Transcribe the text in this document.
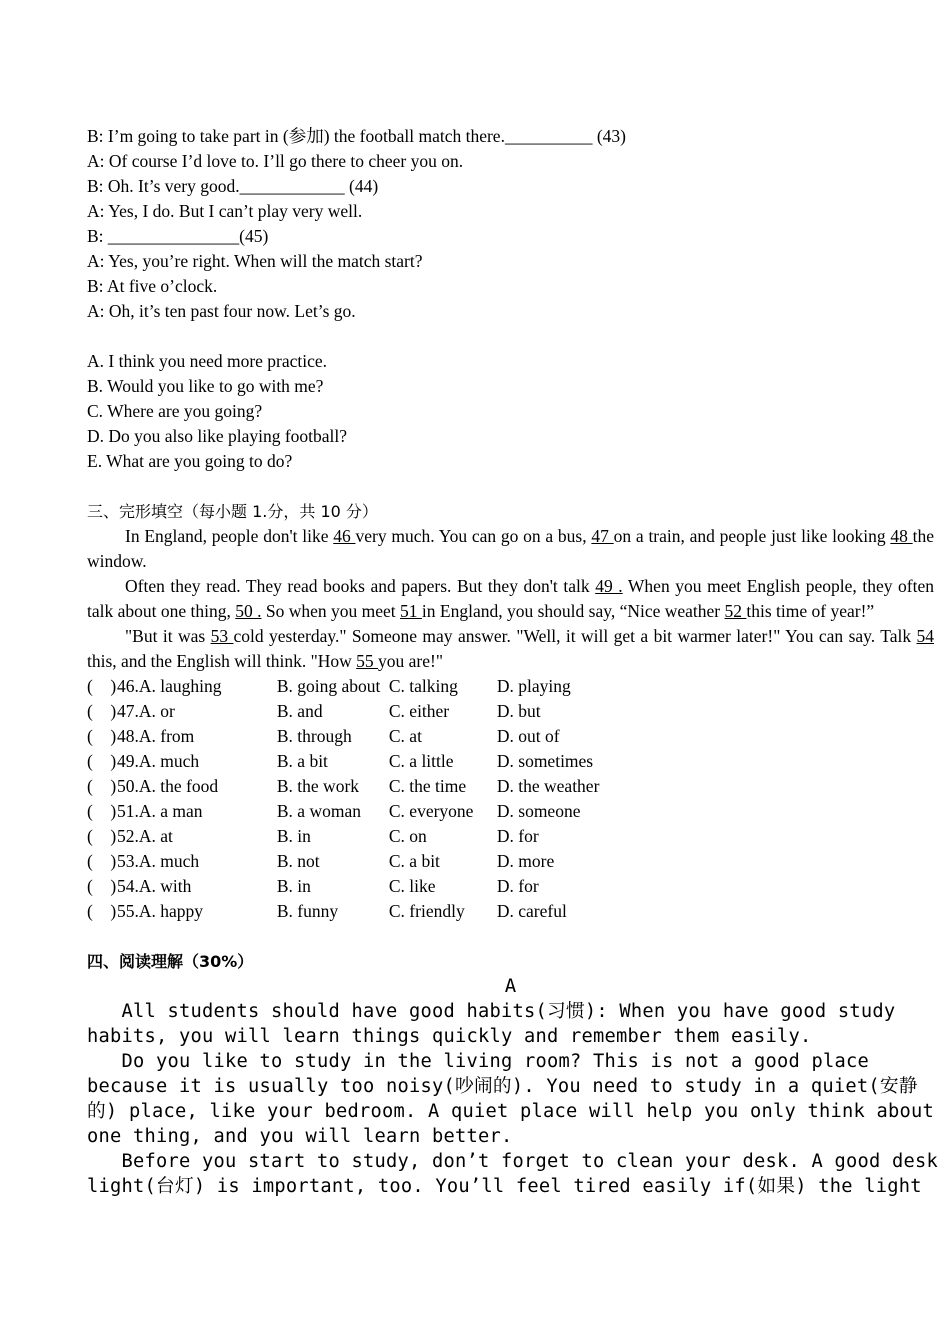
B: I’m going to take part in (参加) the football match there.__________ (43)
A: Of course I’d love to. I’ll go there to cheer you on.
B: Oh. It’s very good.____________ (44)
A: Yes, I do. But I can’t play very well.
B: _______________(45)
A: Yes, you’re right. When will the match start?
B: At five o’clock.
A: Oh, it’s ten past four now. Let’s go.
A. I think you need more practice.
B. Would you like to go with me?
C. Where are you going?
D. Do you also like playing football?
E. What are you going to do?
三、完形填空（每小题 1.分，共 10 分）
In England, people don't like 46 very much. You can go on a bus, 47 on a train, and people just like looking 48 the window.
Often they read. They read books and papers. But they don't talk 49 . When you meet English people, they often talk about one thing, 50 . So when you meet 51 in England, you should say, “Nice weather 52 this time of year!”
"But it was 53 cold yesterday." Someone may answer. "Well, it will get a bit warmer later!" You can say. Talk 54 this, and the English will think. "How 55 you are!"
(    ) 46. A. laughing	B. going about C. talking	D. playing
(    ) 47. A. or	B. and	C. either	D. but
(    ) 48. A. from	B. through	C. at	D. out of
(    ) 49. A. much	B. a bit	C. a little	D. sometimes
(    ) 50. A. the food	B. the work	C. the time	D. the weather
(    ) 51. A. a man	B. a woman	C. everyone	D. someone
(    ) 52. A. at	B. in	C. on	D. for
(    ) 53. A. much	B. not	C. a bit	D. more
(    ) 54. A. with	B. in	C. like	D. for
(    ) 55. A. happy	B. funny	C. friendly	D. careful
四、阅读理解（30%）
A
All students should have good habits(习惯): When you have good study
habits, you will learn things quickly and remember them easily.
Do you like to study in the living room? This is not a good place
because it is usually too noisy(吵闹的). You need to study in a quiet(安静
的) place, like your bedroom. A quiet place will help you only think about
one thing, and you will learn better.
Before you start to study, don’t forget to clean your desk. A good desk
light(台灯) is important, too. You’ll feel tired easily if(如果) the light
